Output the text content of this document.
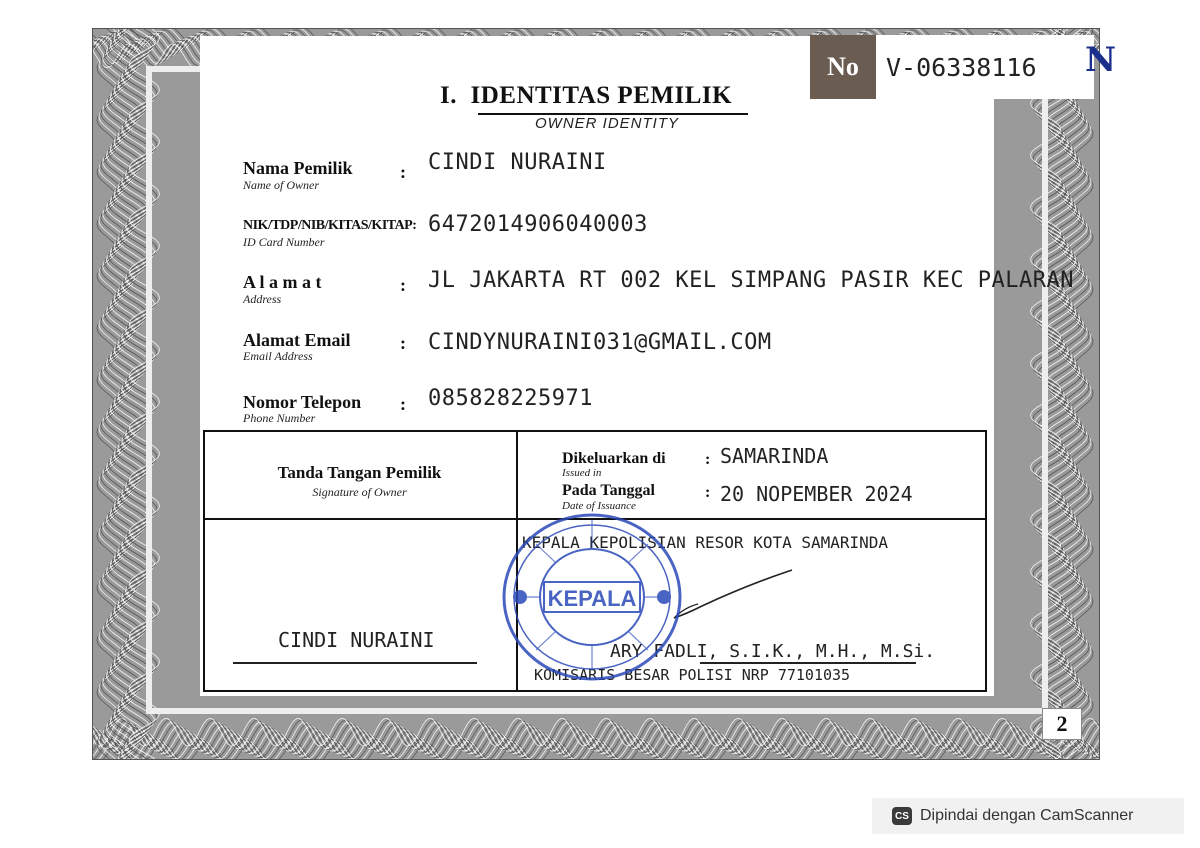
I. IDENTITAS PEMILIK
OWNER IDENTITY
No	V-06338116	N
Nama Pemilik
Name of Owner
: CINDI NURAINI
NIK/TDP/NIB/KITAS/KITAP:
ID Card Number
6472014906040003
A l a m a t
Address
: JL JAKARTA RT 002 KEL SIMPANG PASIR KEC PALARAN
Alamat Email
Email Address
: CINDYNURAINI031@GMAIL.COM
Nomor Telepon
Phone Number
: 085828225971
Tanda Tangan Pemilik
Signature of Owner
Dikeluarkan di
Issued in
: SAMARINDA
Pada Tanggal
Date of Issuance
: 20 NOPEMBER 2024
KEPALA KEPOLISIAN RESOR KOTA SAMARINDA
CINDI NURAINI	ARY FADLI, S.I.K., M.H., M.Si.
KOMISARIS BESAR POLISI NRP 77101035
KEPALA
2
CS Dipindai dengan CamScanner
